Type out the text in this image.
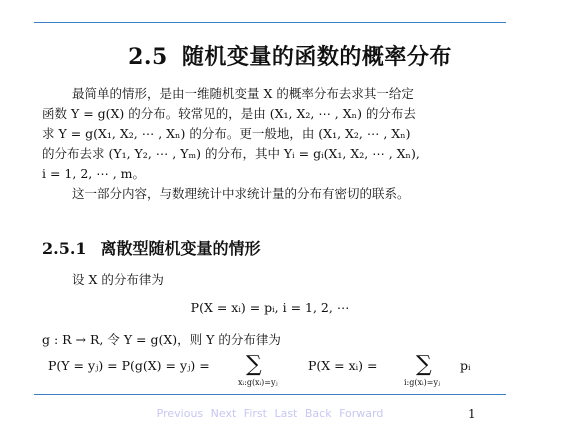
2.5 随机变量的函数的概率分布
最简单的情形，是由一维随机变量 X 的概率分布去求其一给定
函数 Y = g(X) 的分布。较常见的，是由 (X₁, X₂, ⋯ , Xₙ) 的分布去
求 Y = g(X₁, X₂, ⋯ , Xₙ) 的分布。更一般地，由 (X₁, X₂, ⋯ , Xₙ)
的分布去求 (Y₁, Y₂, ⋯ , Yₘ) 的分布，其中 Yᵢ = gᵢ(X₁, X₂, ⋯ , Xₙ),
i = 1, 2, ⋯ , m。
这一部分内容，与数理统计中求统计量的分布有密切的联系。
2.5.1 离散型随机变量的情形
设 X 的分布律为
P(X = xᵢ) = pᵢ, i = 1, 2, ⋯
g : R → R, 令 Y = g(X)，则 Y 的分布律为
P(Y = yⱼ) = P(g(X) = yⱼ) = ∑
xᵢ:g(xᵢ)=yⱼ
P(X = xᵢ) = ∑
i:g(xᵢ)=yⱼ
pᵢ
Previous Next First Last Back Forward	1
